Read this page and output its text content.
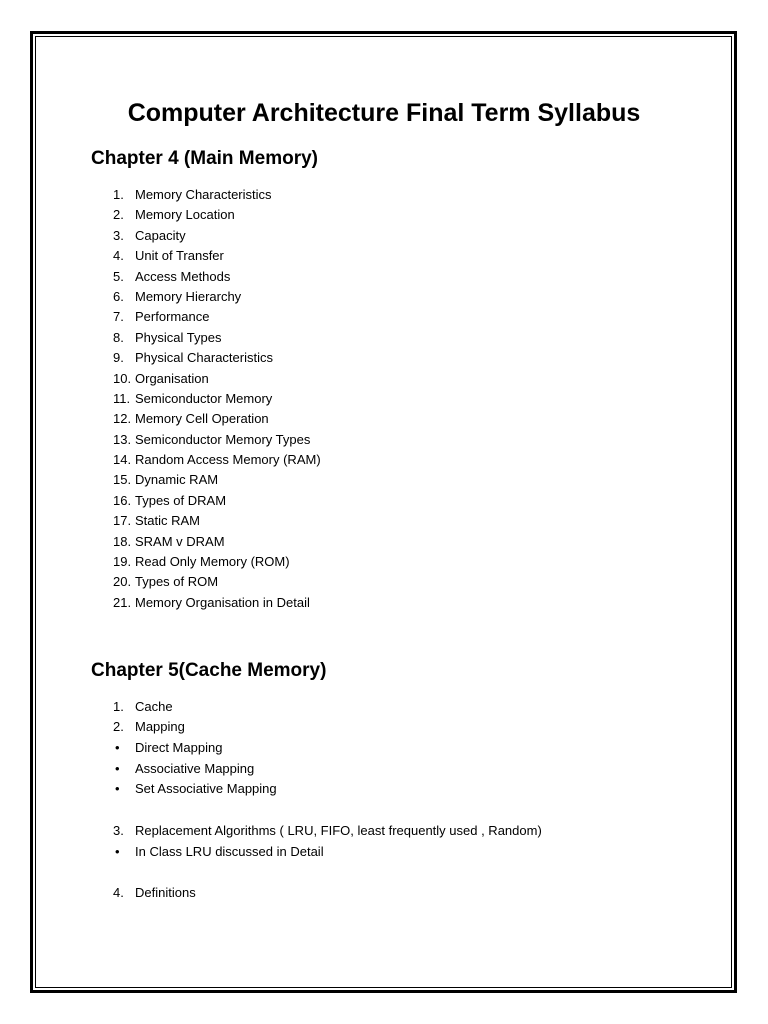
Computer Architecture Final Term Syllabus
Chapter 4 (Main Memory)
1. Memory Characteristics
2. Memory Location
3. Capacity
4. Unit of Transfer
5. Access Methods
6. Memory Hierarchy
7. Performance
8. Physical Types
9. Physical Characteristics
10. Organisation
11. Semiconductor Memory
12. Memory Cell Operation
13. Semiconductor Memory Types
14. Random Access Memory (RAM)
15. Dynamic RAM
16. Types of DRAM
17. Static RAM
18. SRAM v DRAM
19. Read Only Memory (ROM)
20. Types of ROM
21. Memory Organisation in Detail
Chapter 5(Cache Memory)
1. Cache
2. Mapping
• Direct Mapping
• Associative Mapping
• Set Associative Mapping
3. Replacement Algorithms ( LRU, FIFO, least frequently used , Random)
• In Class LRU discussed in Detail
4. Definitions
